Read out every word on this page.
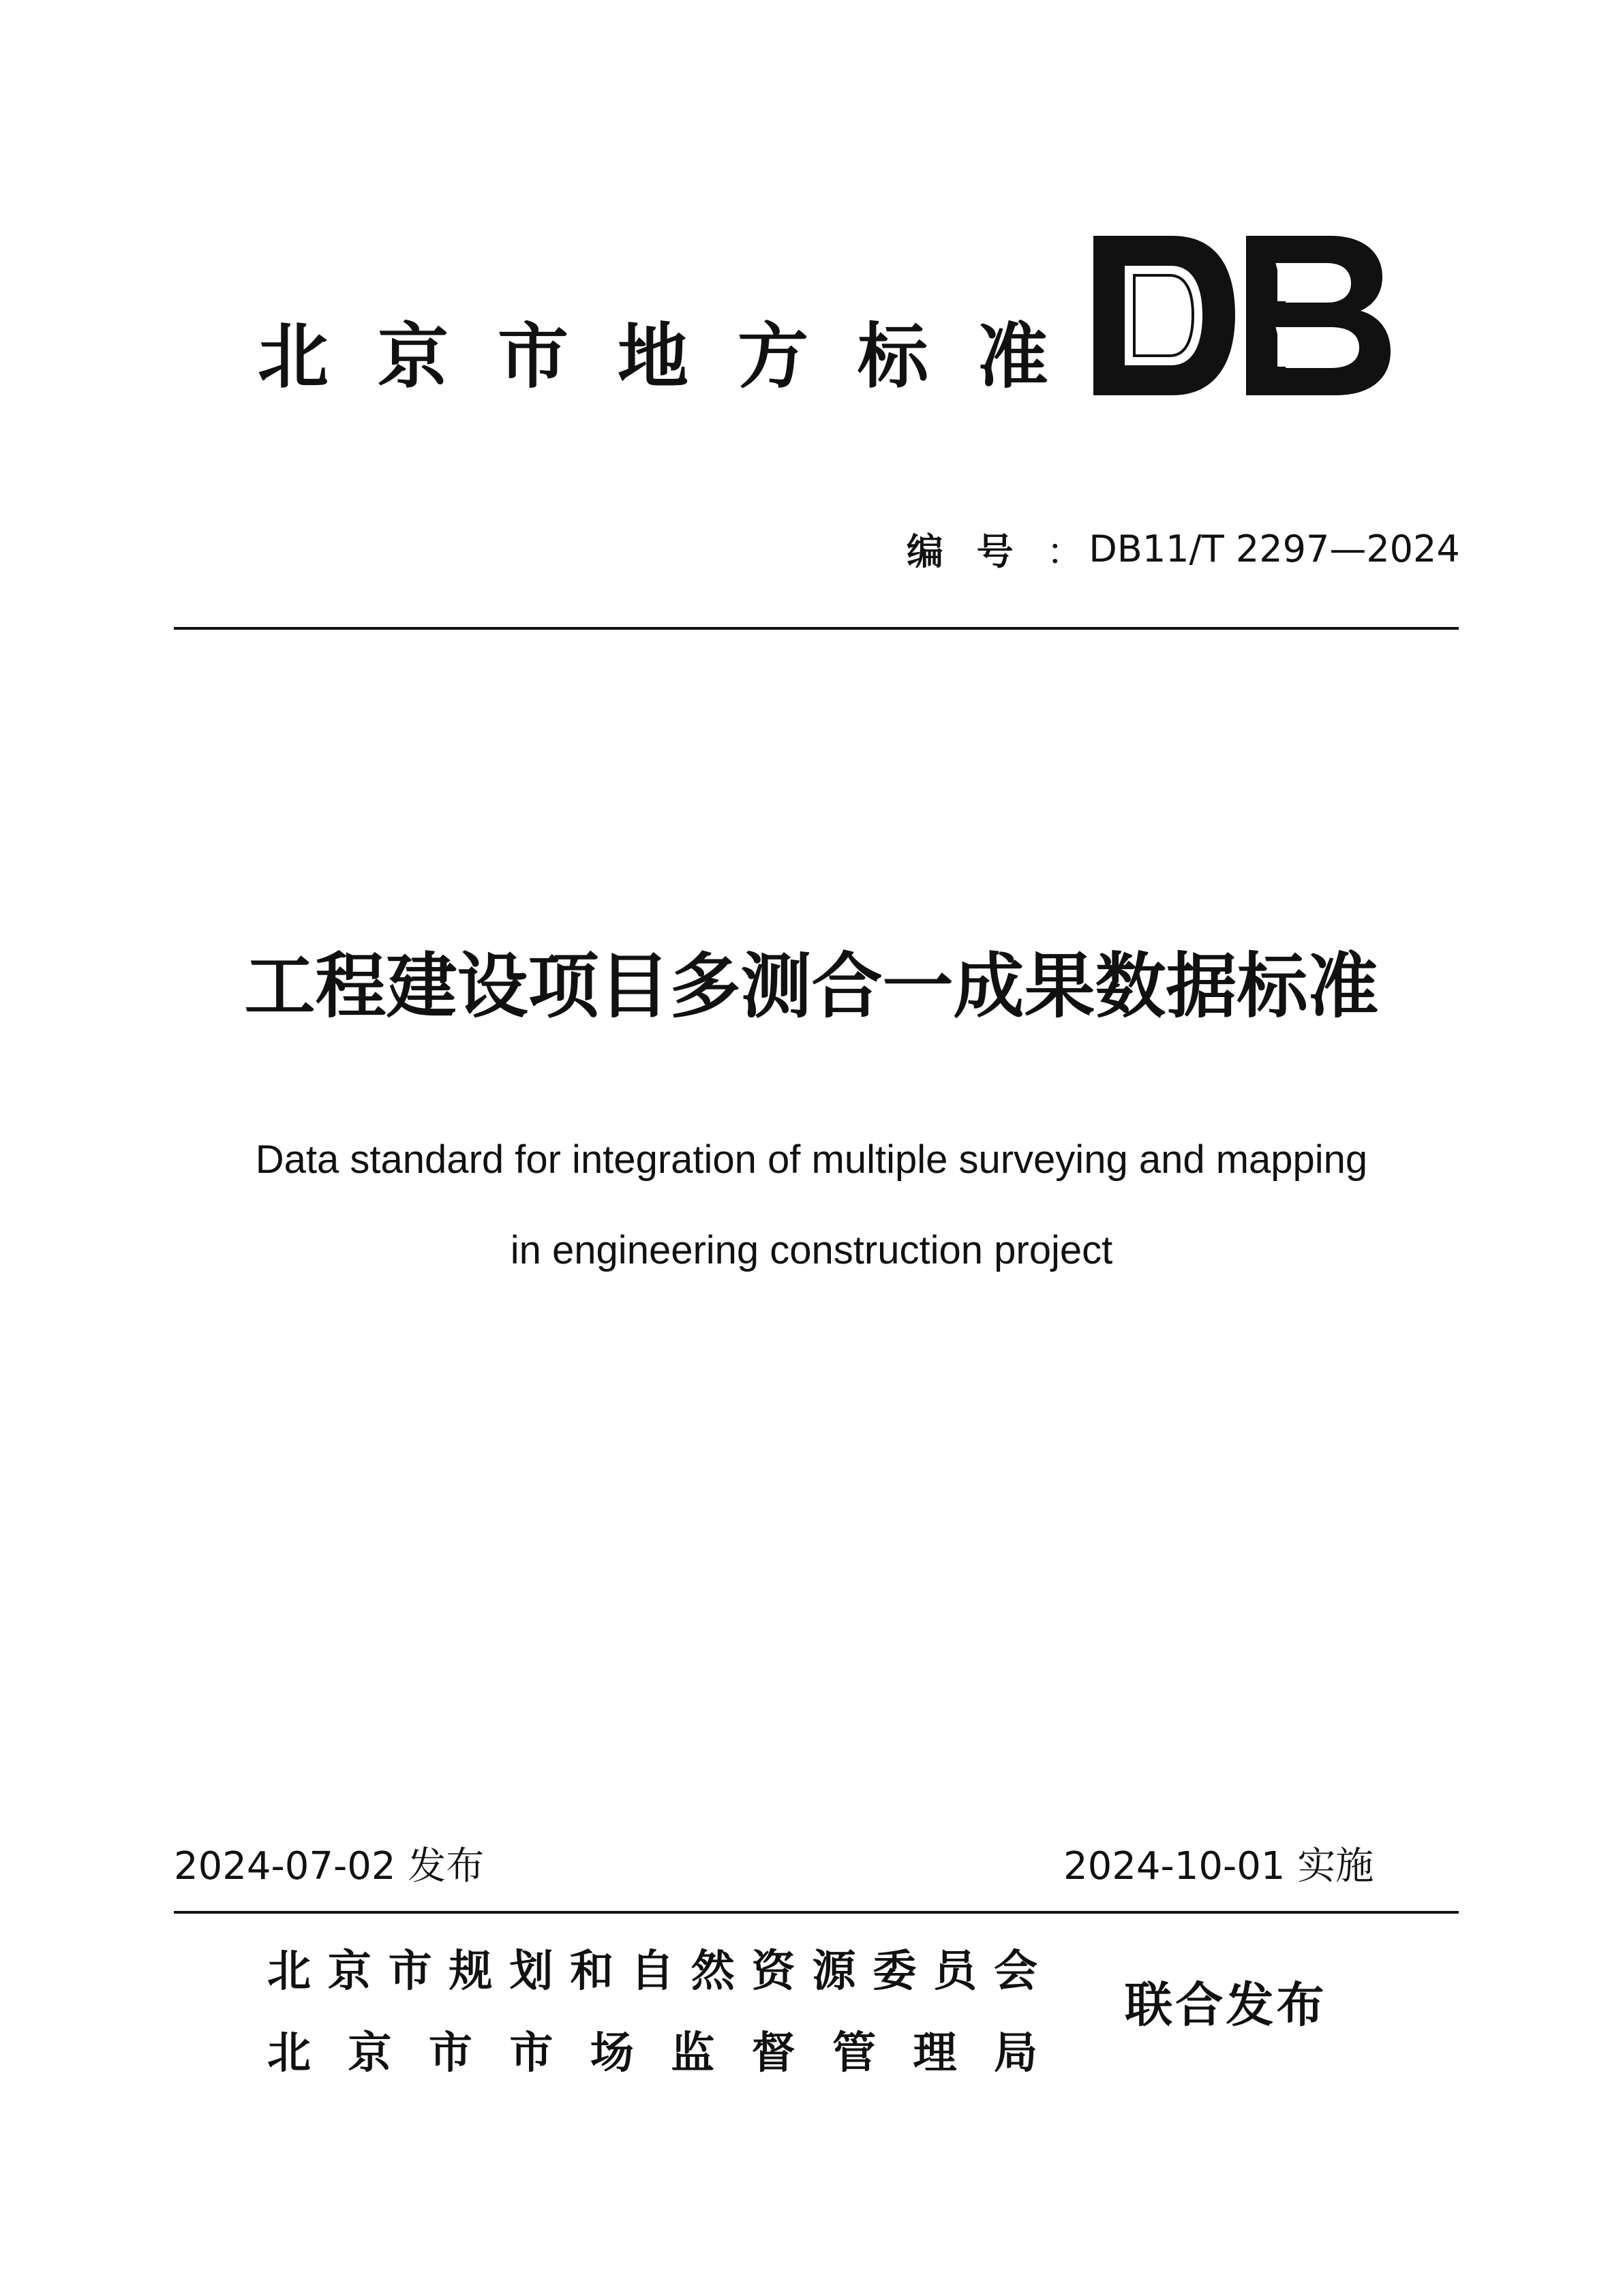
北 京 市 地 方 标 准
编号 ： DB11/T 2297—2024
工程建设项目多测合一成果数据标准
Data standard for integration of multiple surveying and mapping
in engineering construction project
2024-07-02 发布	2024-10-01 实施
北 京 市 规 划 和 自 然 资 源 委 员 会
北 京 市 市 场 监 督 管 理 局
联合发布
